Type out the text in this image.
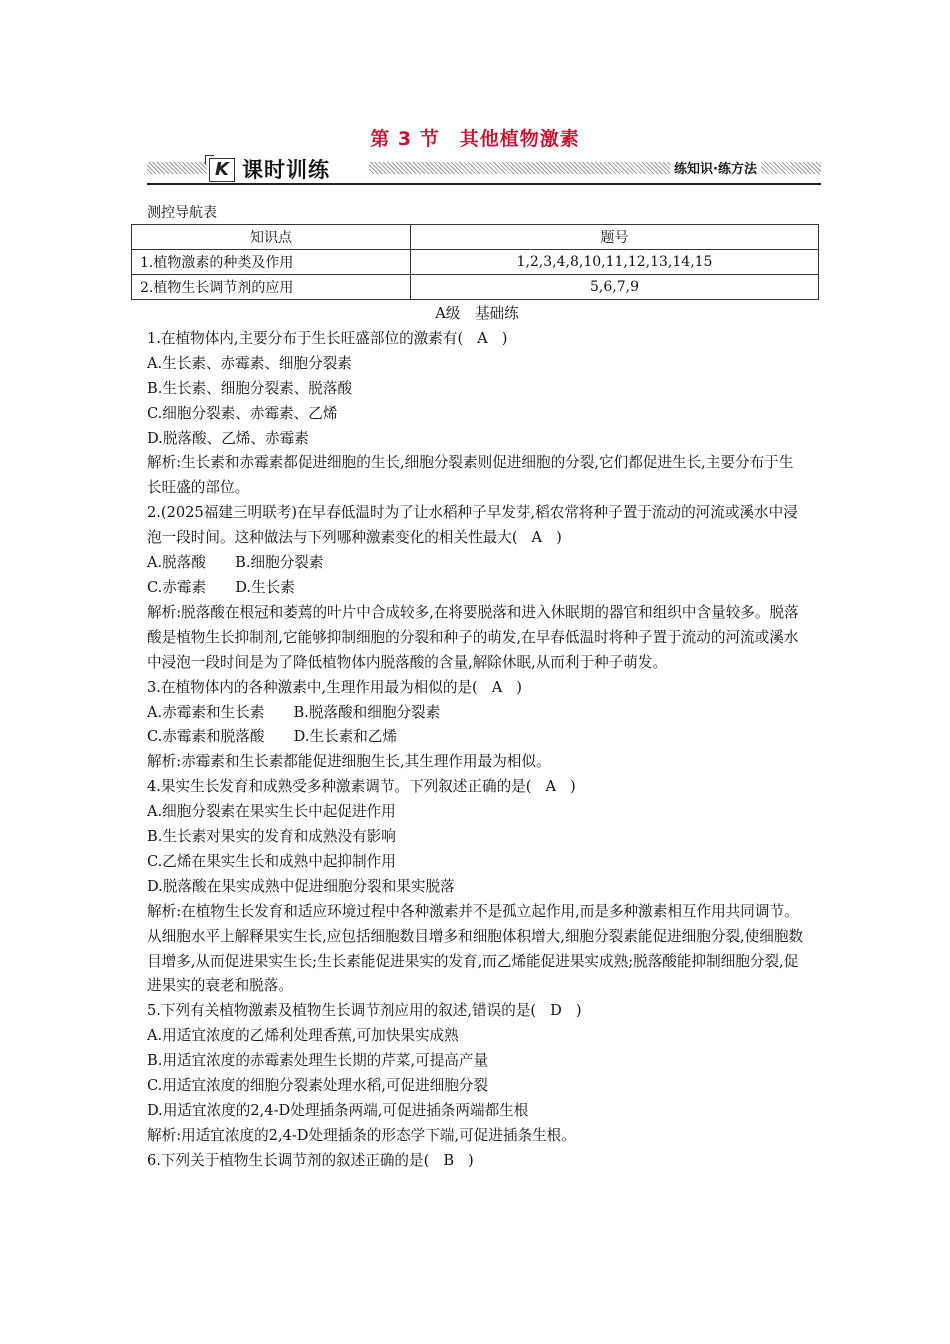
第 3 节　其他植物激素
K 课时训练	练知识·练方法
测控导航表
知识点	题号
1.植物激素的种类及作用	1,2,3,4,8,10,11,12,13,14,15
2.植物生长调节剂的应用	5,6,7,9

A级　基础练

1.在植物体内,主要分布于生长旺盛部位的激素有( A )

A.生长素、赤霉素、细胞分裂素

B.生长素、细胞分裂素、脱落酸

C.细胞分裂素、赤霉素、乙烯

D.脱落酸、乙烯、赤霉素

解析:生长素和赤霉素都促进细胞的生长,细胞分裂素则促进细胞的分裂,它们都促进生长,主要分布于生长旺盛的部位。

2.(2025福建三明联考)在早春低温时为了让水稻种子早发芽,稻农常将种子置于流动的河流或溪水中浸泡一段时间。这种做法与下列哪种激素变化的相关性最大( A )

A.脱落酸　　B.细胞分裂素

C.赤霉素　　D.生长素

解析:脱落酸在根冠和萎蔫的叶片中合成较多,在将要脱落和进入休眠期的器官和组织中含量较多。脱落酸是植物生长抑制剂,它能够抑制细胞的分裂和种子的萌发,在早春低温时将种子置于流动的河流或溪水中浸泡一段时间是为了降低植物体内脱落酸的含量,解除休眠,从而利于种子萌发。

3.在植物体内的各种激素中,生理作用最为相似的是( A )

A.赤霉素和生长素　　B.脱落酸和细胞分裂素

C.赤霉素和脱落酸　　D.生长素和乙烯

解析:赤霉素和生长素都能促进细胞生长,其生理作用最为相似。

4.果实生长发育和成熟受多种激素调节。下列叙述正确的是( A )

A.细胞分裂素在果实生长中起促进作用

B.生长素对果实的发育和成熟没有影响

C.乙烯在果实生长和成熟中起抑制作用

D.脱落酸在果实成熟中促进细胞分裂和果实脱落

解析:在植物生长发育和适应环境过程中各种激素并不是孤立起作用,而是多种激素相互作用共同调节。从细胞水平上解释果实生长,应包括细胞数目增多和细胞体积增大,细胞分裂素能促进细胞分裂,使细胞数目增多,从而促进果实生长;生长素能促进果实的发育,而乙烯能促进果实成熟;脱落酸能抑制细胞分裂,促进果实的衰老和脱落。

5.下列有关植物激素及植物生长调节剂应用的叙述,错误的是( D )

A.用适宜浓度的乙烯利处理香蕉,可加快果实成熟

B.用适宜浓度的赤霉素处理生长期的芹菜,可提高产量

C.用适宜浓度的细胞分裂素处理水稻,可促进细胞分裂

D.用适宜浓度的2,4-D处理插条两端,可促进插条两端都生根

解析:用适宜浓度的2,4-D处理插条的形态学下端,可促进插条生根。

6.下列关于植物生长调节剂的叙述正确的是( B )
